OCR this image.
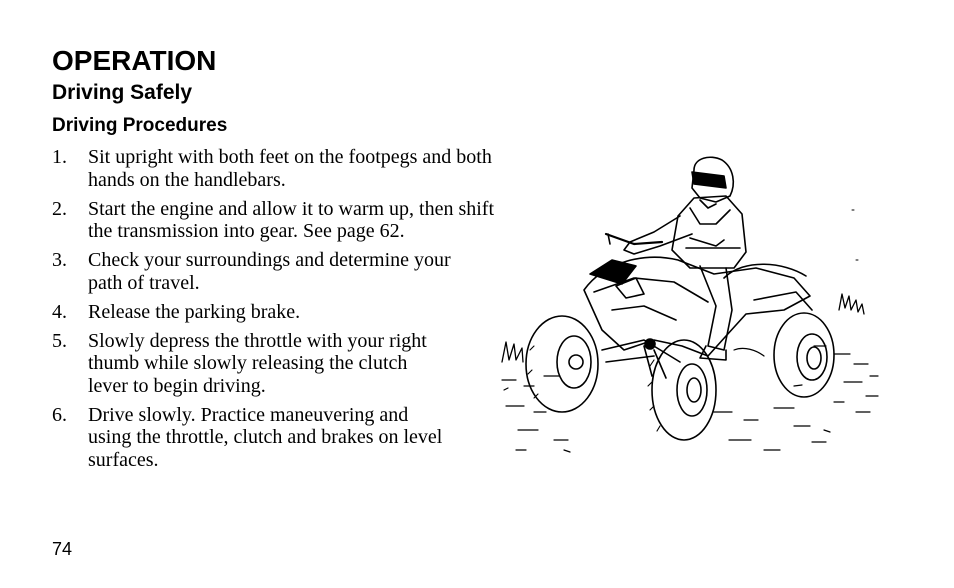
OPERATION
Driving Safely
Driving Procedures
1. Sit upright with both feet on the footpegs and both
hands on the handlebars.
2. Start the engine and allow it to warm up, then shift
the transmission into gear. See page 62.
3. Check your surroundings and determine your
path of travel.
4. Release the parking brake.
5. Slowly depress the throttle with your right
thumb while slowly releasing the clutch
lever to begin driving.
6. Drive slowly. Practice maneuvering and
using the throttle, clutch and brakes on level
surfaces.
74
